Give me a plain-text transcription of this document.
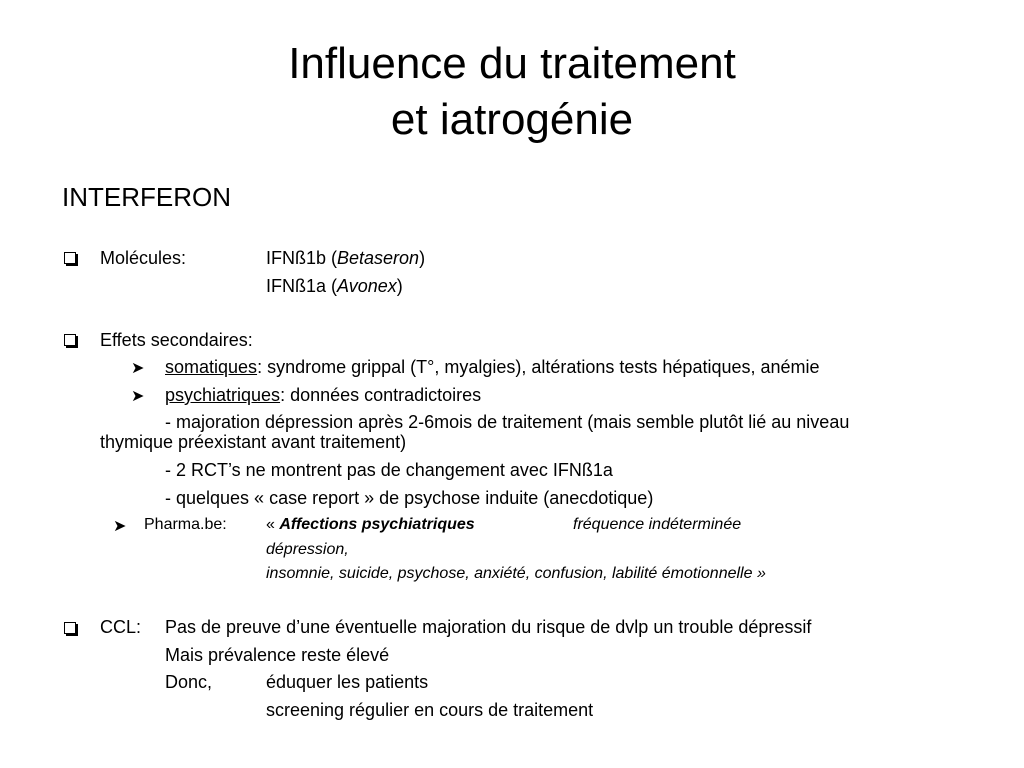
Influence du traitement
et iatrogénie
INTERFERON
Molécules:	IFNß1b (Betaseron)
IFNß1a (Avonex)
Effets secondaires:
➤ somatiques: syndrome grippal (T°, myalgies), altérations tests hépatiques, anémie
➤ psychiatriques: données contradictoires
- majoration dépression après 2-6mois de traitement (mais semble plutôt lié au niveau
thymique préexistant avant traitement)
- 2 RCT’s ne montrent pas de changement avec IFNß1a
- quelques « case report » de psychose induite (anecdotique)
➤ Pharma.be: « Affections psychiatriques	fréquence indéterminée
dépression,
insomnie, suicide, psychose, anxiété, confusion, labilité émotionnelle »
CCL: Pas de preuve d’une éventuelle majoration du risque de dvlp un trouble dépressif
Mais prévalence reste élevé
Donc,	éduquer les patients
screening régulier en cours de traitement
